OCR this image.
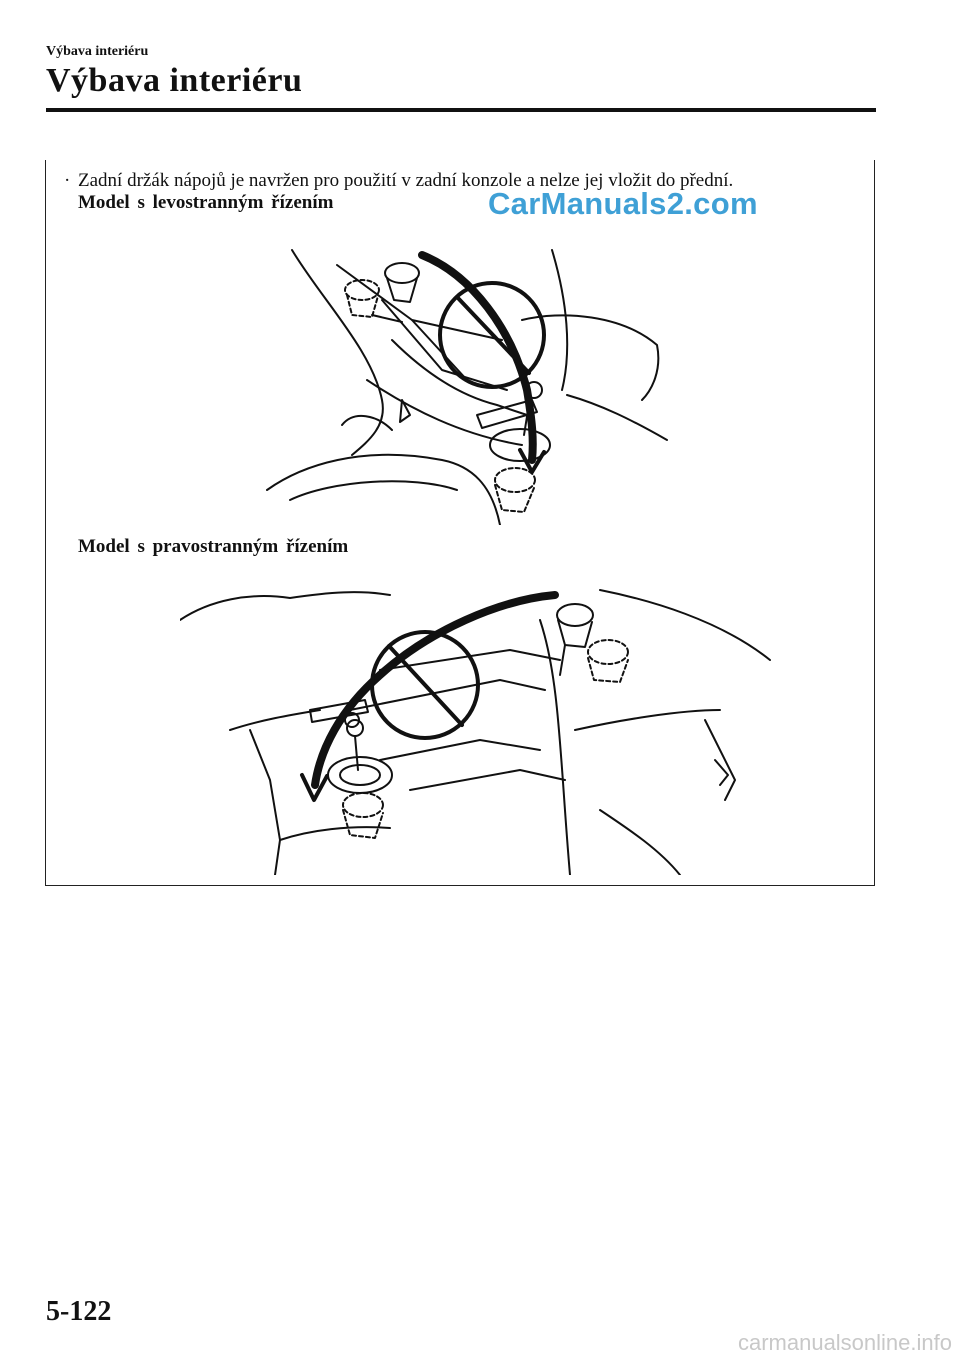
Výbava interiéru
Výbava interiéru
· Zadní držák nápojů je navržen pro použití v zadní konzole a nelze jej vložit do přední.
Model s levostranným řízením	CarManuals2.com
Model s pravostranným řízením
5-122
carmanualsonline.info
